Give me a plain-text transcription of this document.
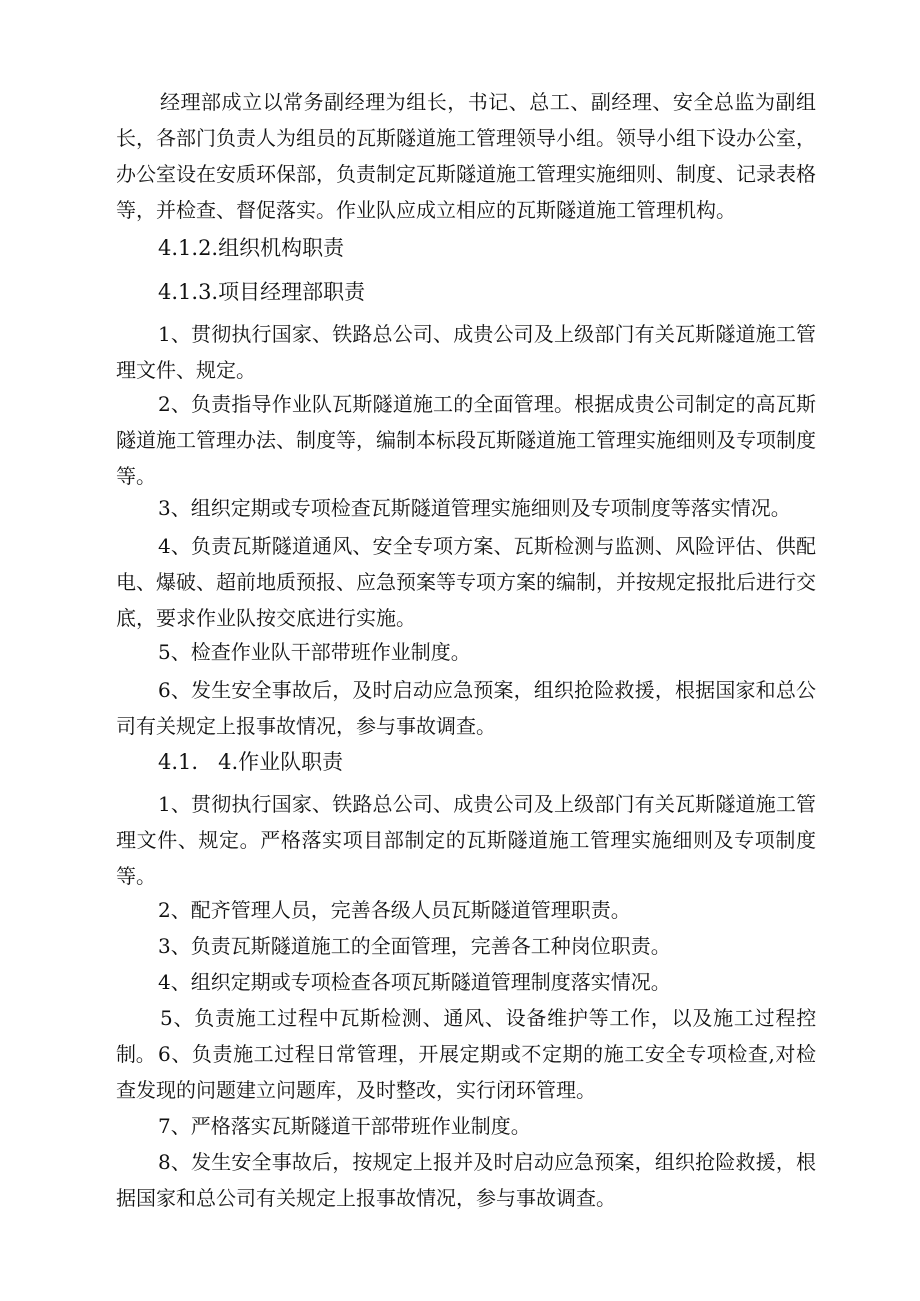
经理部成立以常务副经理为组长，书记、总工、副经理、安全总监为副组长，各部门负责人为组员的瓦斯隧道施工管理领导小组。领导小组下设办公室，办公室设在安质环保部，负责制定瓦斯隧道施工管理实施细则、制度、记录表格等，并检查、督促落实。作业队应成立相应的瓦斯隧道施工管理机构。

4.1.2.组织机构职责

4.1.3.项目经理部职责

1、贯彻执行国家、铁路总公司、成贵公司及上级部门有关瓦斯隧道施工管理文件、规定。

2、负责指导作业队瓦斯隧道施工的全面管理。根据成贵公司制定的高瓦斯隧道施工管理办法、制度等，编制本标段瓦斯隧道施工管理实施细则及专项制度等。

3、组织定期或专项检查瓦斯隧道管理实施细则及专项制度等落实情况。

4、负责瓦斯隧道通风、安全专项方案、瓦斯检测与监测、风险评估、供配电、爆破、超前地质预报、应急预案等专项方案的编制，并按规定报批后进行交底，要求作业队按交底进行实施。

5、检查作业队干部带班作业制度。

6、发生安全事故后，及时启动应急预案，组织抢险救援，根据国家和总公司有关规定上报事故情况，参与事故调查。

4.1.   4.作业队职责

1、贯彻执行国家、铁路总公司、成贵公司及上级部门有关瓦斯隧道施工管理文件、规定。严格落实项目部制定的瓦斯隧道施工管理实施细则及专项制度等。

2、配齐管理人员，完善各级人员瓦斯隧道管理职责。

3、负责瓦斯隧道施工的全面管理，完善各工种岗位职责。

4、组织定期或专项检查各项瓦斯隧道管理制度落实情况。

5、负责施工过程中瓦斯检测、通风、设备维护等工作，以及施工过程控制。 6、负责施工过程日常管理，开展定期或不定期的施工安全专项检查,对检查发现的问题建立问题库，及时整改，实行闭环管理。

7、严格落实瓦斯隧道干部带班作业制度。

8、发生安全事故后，按规定上报并及时启动应急预案，组织抢险救援，根据国家和总公司有关规定上报事故情况，参与事故调查。
